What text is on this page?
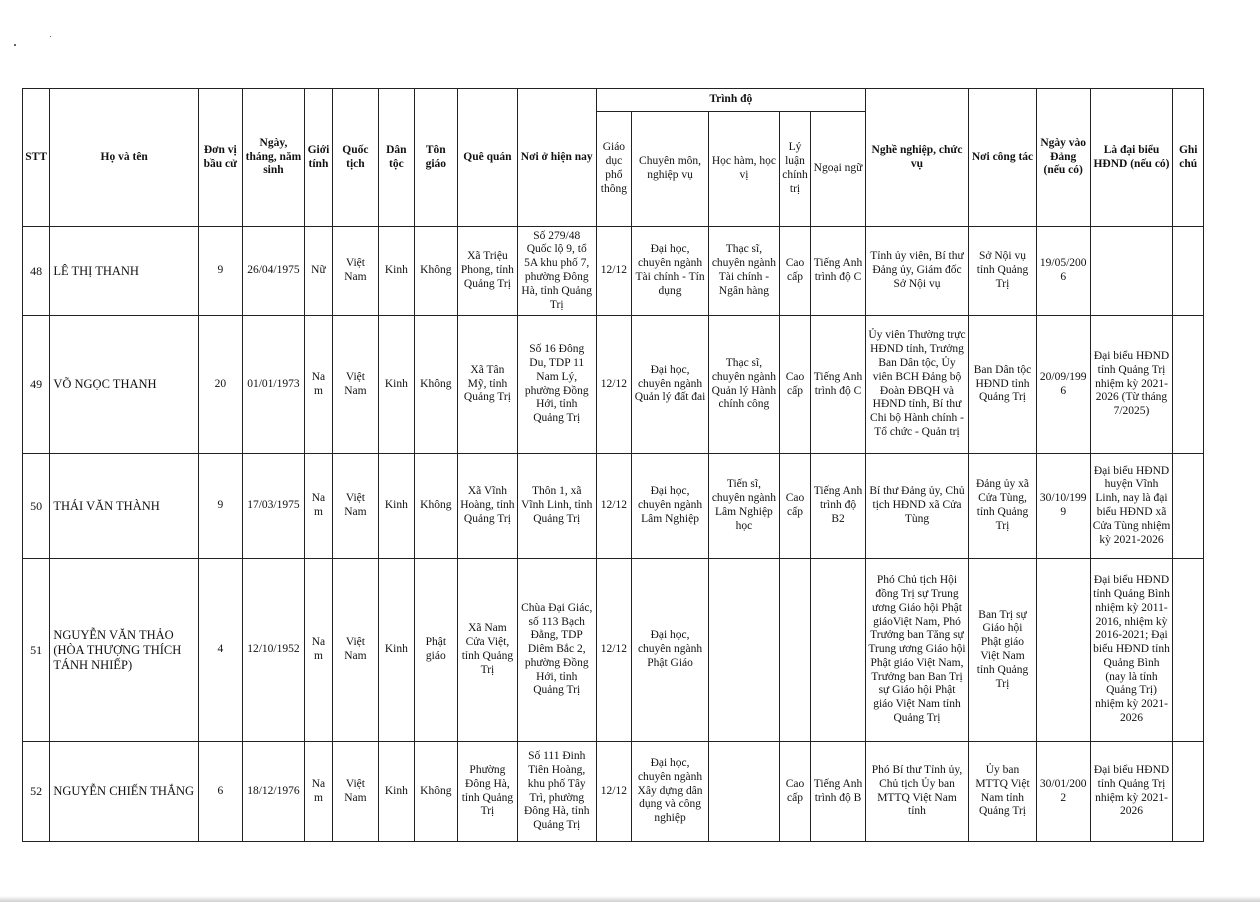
STT	Họ và tên	Đơn vị bầu cử	Ngày, tháng, năm sinh	Giới tính	Quốc tịch	Dân tộc	Tôn giáo	Quê quán	Nơi ở hiện nay	Trình độ					Nghề nghiệp, chức vụ	Nơi công tác	Ngày vào Đảng (nếu có)	Là đại biểu HĐND (nếu có)	Ghi chú
										Giáo dục phổ thông	Chuyên môn, nghiệp vụ	Học hàm, học vị	Lý luận chính trị	Ngoại ngữ					
48	LÊ THỊ THANH	9	26/04/1975	Nữ	Việt Nam	Kinh	Không	Xã Triệu Phong, tỉnh Quảng Trị	Số 279/48 Quốc lộ 9, tổ 5A khu phố 7, phường Đông Hà, tỉnh Quảng Trị	12/12	Đại học, chuyên ngành Tài chính - Tín dụng	Thạc sĩ, chuyên ngành Tài chính - Ngân hàng	Cao cấp	Tiếng Anh trình độ C	Tỉnh ủy viên, Bí thư Đảng ủy, Giám đốc Sở Nội vụ	Sở Nội vụ tỉnh Quảng Trị	19/05/2006		
49	VÕ NGỌC THANH	20	01/01/1973	Nam	Việt Nam	Kinh	Không	Xã Tân Mỹ, tỉnh Quảng Trị	Số 16 Đông Du, TDP 11 Nam Lý, phường Đồng Hới, tỉnh Quảng Trị	12/12	Đại học, chuyên ngành Quản lý đất đai	Thạc sĩ, chuyên ngành Quản lý Hành chính công	Cao cấp	Tiếng Anh trình độ C	Ủy viên Thường trực HĐND tỉnh, Trưởng Ban Dân tộc, Ủy viên BCH Đảng bộ Đoàn ĐBQH và HĐND tỉnh, Bí thư Chi bộ Hành chính - Tổ chức - Quản trị	Ban Dân tộc HĐND tỉnh Quảng Trị	20/09/1996	Đại biểu HĐND tỉnh Quảng Trị nhiệm kỳ 2021-2026 (Từ tháng 7/2025)	
50	THÁI VĂN THÀNH	9	17/03/1975	Nam	Việt Nam	Kinh	Không	Xã Vĩnh Hoàng, tỉnh Quảng Trị	Thôn 1, xã Vĩnh Linh, tỉnh Quảng Trị	12/12	Đại học, chuyên ngành Lâm Nghiệp	Tiến sĩ, chuyên ngành Lâm Nghiệp học	Cao cấp	Tiếng Anh trình độ B2	Bí thư Đảng ủy, Chủ tịch HĐND xã Cửa Tùng	Đảng ủy xã Cửa Tùng, tỉnh Quảng Trị	30/10/1999	Đại biểu HĐND huyện Vĩnh Linh, nay là đại biểu HĐND xã Cửa Tùng nhiệm kỳ 2021-2026	
51	NGUYỄN VĂN THẢO (HÒA THƯỢNG THÍCH TÁNH NHIẾP)	4	12/10/1952	Nam	Việt Nam	Kinh	Phật giáo	Xã Nam Cửa Việt, tỉnh Quảng Trị	Chùa Đại Giác, số 113 Bạch Đằng, TDP Diêm Bắc 2, phường Đồng Hới, tỉnh Quảng Trị	12/12	Đại học, chuyên ngành Phật Giáo				Phó Chủ tịch Hội đồng Trị sự Trung ương Giáo hội Phật giáoViệt Nam, Phó Trưởng ban Tăng sự Trung ương Giáo hội Phật giáo Việt Nam, Trưởng ban Ban Trị sự Giáo hội Phật giáo Việt Nam tỉnh Quảng Trị	Ban Trị sự Giáo hội Phật giáo Việt Nam tỉnh Quảng Trị		Đại biểu HĐND tỉnh Quảng Bình nhiệm kỳ 2011-2016, nhiệm kỳ 2016-2021; Đại biểu HĐND tỉnh Quảng Bình (nay là tỉnh Quảng Trị) nhiệm kỳ 2021-2026	
52	NGUYỄN CHIẾN THẮNG	6	18/12/1976	Nam	Việt Nam	Kinh	Không	Phường Đông Hà, tỉnh Quảng Trị	Số 111 Đinh Tiên Hoàng, khu phố Tây Trì, phường Đông Hà, tỉnh Quảng Trị	12/12	Đại học, chuyên ngành Xây dựng dân dụng và công nghiệp		Cao cấp	Tiếng Anh trình độ B	Phó Bí thư Tỉnh ủy, Chủ tịch Ủy ban MTTQ Việt Nam tỉnh	Ủy ban MTTQ Việt Nam tỉnh Quảng Trị	30/01/2002	Đại biểu HĐND tỉnh Quảng Trị nhiệm kỳ 2021-2026	
